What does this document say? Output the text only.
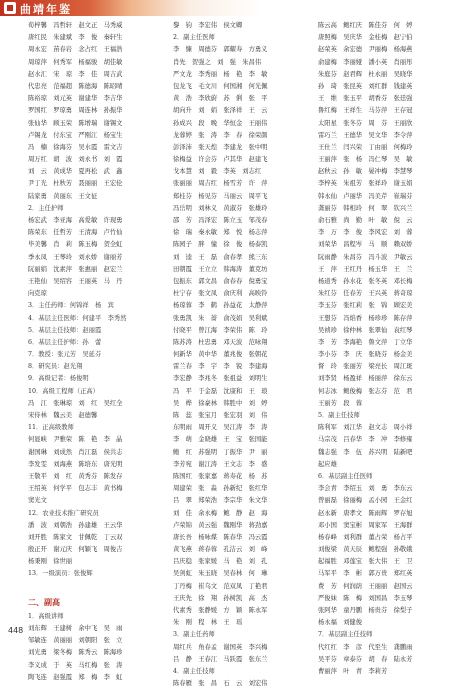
曲靖年鉴
荀梓馨　冯哲轩　赵文正　马秀威
唐红民　朱建斌　李　俊　秦轩生
周永宏　苗春岩　念占红　王福浩
周琼萍　何秀军　杨福骏　胡佳敏
赵水汇　宋　琼　李　佳　周吉武
代忠亮　范福超　陈德海　陈昭晴
陈裕琼　刘元英　谢建华　李吉华
罗国红　罗琼勇　周连林　孙振华
张仙华　顾玉荣　陈增瑞　谢锡文
卢锡龙　付东宝　严刚江　杨宝生
冯　楠　徐海芬　吴水霞　雷文吉
周万红　胡　波　刘永书　刘　霞
刘　云　黄成华　夏再松　武　鑫
尹丁光　杜秋芳　聂丽丽　王宏伦
陆家勇　黄丽东　王文征
2．主任护师
杨宏武　李亚海　高爱敏　许现勇
陈荣东　任哲芳　王清海　卢竹仙
毕美馨　肖　莉　陈玉梅　贺全虹
季永凤　王琴玲　刘永娇　谢丽芳
阮丽娟　沈素萍　张惠丽　赵宏兰
王艳仙　吴绍容　王丽英　马　丹
向克琼
3．主任药师：何锦祥　杨　宾
4．基层主任医师：何建平　李秀然
5．基层主任技师：赵丽霞
6．基层主任护师：孙　蕾
7．教授：张元芳　吴延芬
8．研究员：赵光翔
9．高级记者：杨俊明
10．高级工程师（正高）
冯　江　张琳琼　刘　红　吴红全
宋侍林　魏云美　赵德馨
11．正高级教师
何显峡　尹雅荣　陈　艳　李　晶
谢国琳　刘成然　肖江磊　侯共志
李发雯　刘海燕　陈培东　唐光明
王敬平　刘　红　黄秀芬　陈发存
王绍英　何学平　包志丰　黄书梅
窦光文
12．农业技术推广研究员
潘　波　刘朝浩　孙建雄　王云华
刘开胜　陈家文　甘佩乾　丁云双
殷正开　谢元庆　何颖飞　周俊吉
杨秉刚　徐世丽
13．一级演员：张俊辉
二、副高
1．高级讲师
刘东辉　王建树　余中飞　吴　雨
邹敏连　黄丽丽　刘朝阳　张　立
刘光勇　梁冬梅　陈秀云　陈海珍
李义成　于　英　马红梅　张　涛
陶飞连　赵强霞　郑　梅　李　虹
黎　钧　李宏伟　侯文卿
2．副主任医师
李　慷　周德芬　郭耀寿　方勇义
肖先　贺强之　刘　强　朱昌伟
严文龙　李秀丽　杨　艳　李　敏
包龙飞　毛文川　何国湘　何光佩
黄　浩　李欣蔚　苏　俐　张　平
胡向升　刘　娟　张泽祥　王　云
孙成兴　段　晚　华恒金　王丽伟
龙蓉婷　张　涛　李　春　徐荣颜
彭泽沛　张天煌　李建龙　张中明
徐梅益　许会芬　卢其华　赵建飞
戈本慧　刘　毅　李英　刘志红
张丽丽　周吉红　杨雪芳　许　萍
郑桂芬　杨见芬　马丽云　周平飞
冯岳明　刘林义　黄淑芬　张雄玲
邵　芳　冯泽宏　陈立玉　邹茂春
徐　瑞　秦永敏　郑　悦　杨志萍
陈园子　胖　憧　徐　俊　杨泰凯
刘　逵　王　磊　俞春孝　熊三东
田朝霞　王立立　韩海涛　董克坊
包振东　郭文昌　俞春春　倪勇宝
杜宁存　张文凤　俞庆利　高映铃
杨琼蓉　李　鹤　孙益花　太静萍
张勇凯　朱　蔷　俞茂娟　吴利斌
付晓平　曾江海　李荣伟　陈　玲
陈苏涛　杜忠勇　邓天波　范咏翔
何新华　黄中华　董兆俊　张朝花
雷兰春　李　宇　李　锐　李建海
李宏静　李兆冬　张祖益　刘明生
冯　平　于金磊　沈康和　王　琅
吴　桦　徐豪林　韩胜中　刘　婷
陈　蕊　张宝月　张宏羽　刘　伟
东明雨　周开义　吴江涛　李　涛
李　萌　金晓雄　王　宝　张国能
鲍　红　苏强明　丁振华　尹　丽
李芳宛　谢江涛　王文志　李　盛
陈国红　张家嘉　蒋寿花　杨　苏
周建荣　张　淼　孙新纪　张红华
吕　翠　郑荣浩　李宗华　朱文华
刘　佳　余永梅　鲍　静　赵　海
卢荣锦　黄云强　魏刚华　蒋劲嘉
唐长吾　杨咏煤　陈春华　冯云霞
黄飞燕　蒋春蓉　孔洁云　刘　峰
吕庆稳　张家媛　马　艳　刘　孔
吴剑虹　朱玉晓　吴春林　何　琳
丁丹梅　崔乌文　范双凤　丁艳君
王庆先　徐　翔　孙树凯　高　杰
代素秀　张静媛　方　颖　陈永军
朱　刚　程　林　王　瑶
3．副主任药师
周红兵　角春孟　谢国英　李兴梅
吕　静　王春江　马跃霞　张东兰
4．副主任技师
陈春雁　张　昌　石　云　刘宏伟
陈云高　鲍红庆　陈佳芬　何　婷
唐照梅　吴庆华　金桂梅　赵宁伯
赵荣英　余宏德　尹丽梅　杨海燕
俞建梅　李丽娅　潘小英　肖丽彤
朱庭芬　赵君辉　杜永丽　吴晓华
孙　琦　张昆英　刘红群　钱建英
王　维　张玉平　胡香芬　张廷强
鲁红梅　王祥生　马芬萍　王存冠
太阳星　张冬芬　周　芬　王丽欣
雷巧兰　王德华　吴文华　李令萍
王仕兰　闫兴荣　丁由丽　何梅玲
王丽萍　张　杨　冯仁琴　吴　敏
赵秋云　孙　敏　晏冲梅　李慧琴
李梓英　朱祖芳　张祥玲　谢玉娟
韩永仙　卢丽华　冯美芹　崔瑞芬
龚丽芬　韩相玲　何　翠　钦兴兰
俞石雅　尚　勤　叶　敏　倪　云
李　万　李　俊　李风宏　刘　蓉
刘荣华　昌程岑　马　顺　赖双娇
阮雨静　朱昌芬　冯斗波　尹敏云
王　萍　王红丹　杨玉华　王　兰
杨道秀　孙水花　张冬英　邓长梅
朱红芬　任春芳　王兴英　蒋奇琼
李玉芬　张红莉　张　锦　顾宏美
王想芬　冯焰香　杨珍珍　陈存萍
吴祯珍　徐仲林　张翠仙　袁红琴
李　芳　李海艳　鲁文萍　丁立华
李小芬　李　庆　张晓芬　杨金美
督　玲　张丽芳　梁亮长　周江斑
刘李贤　杨盈祥　杨丽萍　徐东云
何志冰　鲍俊梅　张志芬　范　君
王丽芳　段　蓉
5．副主任技师
陈利军　刘江华　赵文志　周小祥
马宗茂　吕春华　李　冲　李修雍
魏志强　李　伍　苏兴明　陆新吧
起应雄
6．基层副主任医师
李会青　李绍玉　刘　勇　李东云
曾丽磊　徐丽梅　孟小园　王金红
赵永新　唐孝文　陈雨辉　罗存旭
邓小国　窦宝彬　周家军　王海群
杨春峰　刘利群　董占荣　杨占平
刘俊梁　黄天辰　鲍程强　孙敬娥
起福胜　邓莲宝　张大伟　王　卫
马军平　李　彬　郭万贵　郑红英
费　芳　何润荫　王丽丽　赵国云
严俊妹　陈　梅　刘国昌　李玉琴
张阿华　童丹鹏　杨贵芬　徐梨子
杨永福　刘健俊
7．基层副主任技师
代红红　李　彦　代至生　龚鹏雨
吴平芬　章泰芬　胡　春　陆永芳
曹丽萍　叶　青　李莉芳
448
